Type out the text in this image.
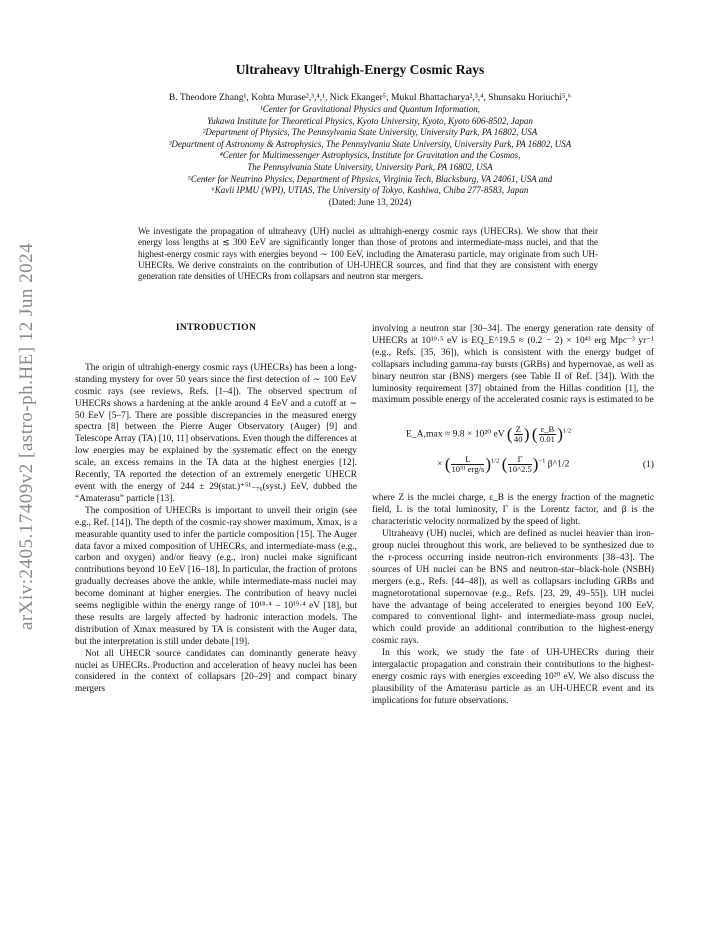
arXiv:2405.17409v2 [astro-ph.HE] 12 Jun 2024
Ultraheavy Ultrahigh-Energy Cosmic Rays
B. Theodore Zhang¹, Kohta Murase²,³,⁴,¹, Nick Ekanger⁵, Mukul Bhattacharya²,³,⁴, Shunsaku Horiuchi⁵,⁶
¹Center for Gravitational Physics and Quantum Information,
Yukawa Institute for Theoretical Physics, Kyoto University, Kyoto, Kyoto 606-8502, Japan
²Department of Physics, The Pennsylvania State University, University Park, PA 16802, USA
³Department of Astronomy & Astrophysics, The Pennsylvania State University, University Park, PA 16802, USA
⁴Center for Multimessenger Astrophysics, Institute for Gravitation and the Cosmos,
The Pennsylvania State University, University Park, PA 16802, USA
⁵Center for Neutrino Physics, Department of Physics, Virginia Tech, Blacksburg, VA 24061, USA and
⁶Kavli IPMU (WPI), UTIAS, The University of Tokyo, Kashiwa, Chiba 277-8583, Japan
(Dated: June 13, 2024)
We investigate the propagation of ultraheavy (UH) nuclei as ultrahigh-energy cosmic rays (UHECRs). We show that their energy loss lengths at ≲ 300 EeV are significantly longer than those of protons and intermediate-mass nuclei, and that the highest-energy cosmic rays with energies beyond ∼ 100 EeV, including the Amaterasu particle, may originate from such UH-UHECRs. We derive constraints on the contribution of UH-UHECR sources, and find that they are consistent with energy generation rate densities of UHECRs from collapsars and neutron star mergers.
INTRODUCTION

The origin of ultrahigh-energy cosmic rays (UHECRs) has been a long-standing mystery for over 50 years since the first detection of ∼ 100 EeV cosmic rays (see reviews, Refs. [1–4]). The observed spectrum of UHECRs shows a hardening at the ankle around 4 EeV and a cutoff at ∼ 50 EeV [5–7]. There are possible discrepancies in the measured energy spectra [8] between the Pierre Auger Observatory (Auger) [9] and Telescope Array (TA) [10, 11] observations. Even though the differences at low energies may be explained by the systematic effect on the energy scale, an excess remains in the TA data at the highest energies [12]. Recently, TA reported the detection of an extremely energetic UHECR event with the energy of 244 ± 29(stat.)⁺⁵¹₋₇₆(syst.) EeV, dubbed the “Amaterasu” particle [13].

The composition of UHECRs is important to unveil their origin (see e.g., Ref. [14]). The depth of the cosmic-ray shower maximum, Xmax, is a measurable quantity used to infer the particle composition [15]. The Auger data favor a mixed composition of UHECRs, and intermediate-mass (e.g., carbon and oxygen) and/or heavy (e.g., iron) nuclei make significant contributions beyond 10 EeV [16–18]. In particular, the fraction of protons gradually decreases above the ankle, while intermediate-mass nuclei may become dominant at higher energies. The contribution of heavy nuclei seems negligible within the energy range of 10¹⁸·⁴ – 10¹⁹·⁴ eV [18], but these results are largely affected by hadronic interaction models. The distribution of Xmax measured by TA is consistent with the Auger data, but the interpretation is still under debate [19].

Not all UHECR source candidates can dominantly generate heavy nuclei as UHECRs. Production and acceleration of heavy nuclei has been considered in the context of collapsars [20–29] and compact binary mergers

involving a neutron star [30–34]. The energy generation rate density of UHECRs at 10¹⁹·⁵ eV is EQ_E^19.5 ≈ (0.2 − 2) × 10⁴³ erg Mpc⁻³ yr⁻¹ (e.g., Refs. [35, 36]), which is consistent with the energy budget of collapsars including gamma-ray bursts (GRBs) and hypernovae, as well as binary neutron star (BNS) mergers (see Table II of Ref. [34]). With the luminosity requirement [37] obtained from the Hillas condition [1], the maximum possible energy of the accelerated cosmic rays is estimated to be

E_A,max ≈ 9.8 × 10²⁰ eV ( $\frac{Z}{40}$ ) ( $\frac{\varepsilon\_B}{0.01} )^{1/2}$
× ( $\frac{L}{\text{10⁵¹ erg/s}} )^{1/2}$ ( $\frac{\Gamma}{10\^{}2.5} )^{-1}$ β^1/2	(1)

where Z is the nuclei charge, ε_B is the energy fraction of the magnetic field, L is the total luminosity, Γ is the Lorentz factor, and β is the characteristic velocity normalized by the speed of light.

Ultraheavy (UH) nuclei, which are defined as nuclei heavier than iron-group nuclei throughout this work, are believed to be synthesized due to the r-process occurring inside neutron-rich environments [38–43]. The sources of UH nuclei can be BNS and neutron-star–black-hole (NSBH) mergers (e.g., Refs. [44–48]), as well as collapsars including GRBs and magnetorotational supernovae (e.g., Refs. [23, 29, 49–55]). UH nuclei have the advantage of being accelerated to energies beyond 100 EeV, compared to conventional light- and intermediate-mass group nuclei, which could provide an additional contribution to the highest-energy cosmic rays.

In this work, we study the fate of UH-UHECRs during their intergalactic propagation and constrain their contributions to the highest-energy cosmic rays with energies exceeding 10²⁰ eV. We also discuss the plausibility of the Amaterasu particle as an UH-UHECR event and its implications for future observations.
